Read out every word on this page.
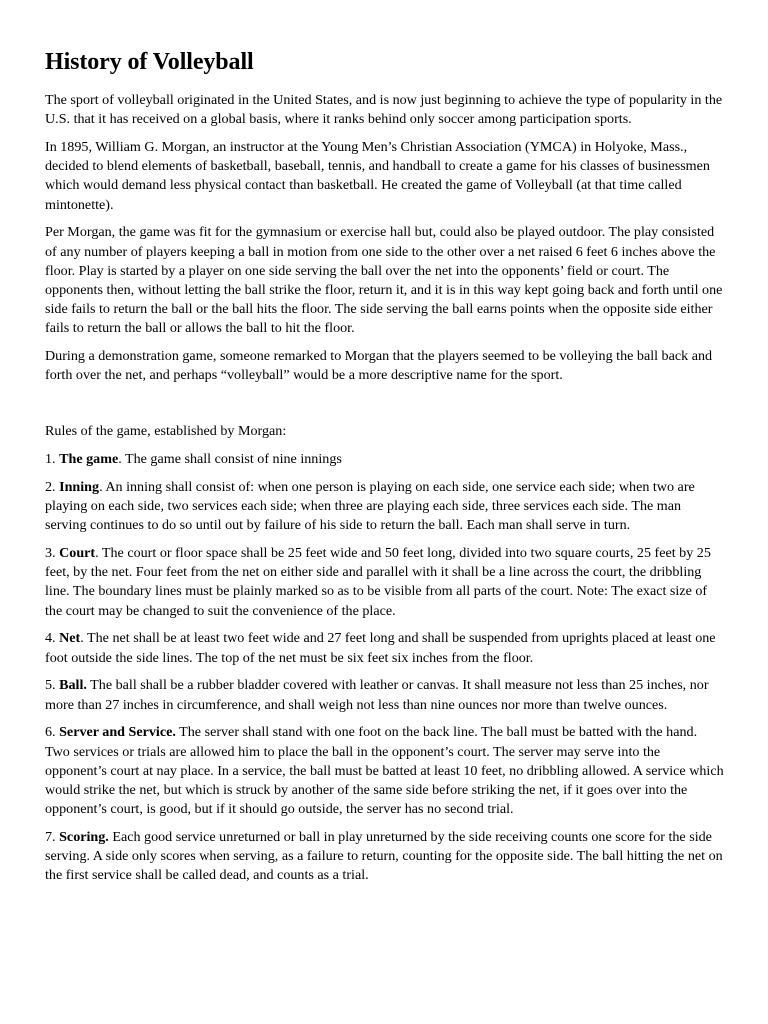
History of Volleyball

The sport of volleyball originated in the United States, and is now just beginning to achieve the type of popularity in the U.S. that it has received on a global basis, where it ranks behind only soccer among participation sports.

In 1895, William G. Morgan, an instructor at the Young Men’s Christian Association (YMCA) in Holyoke, Mass., decided to blend elements of basketball, baseball, tennis, and handball to create a game for his classes of businessmen which would demand less physical contact than basketball. He created the game of Volleyball (at that time called mintonette).

Per Morgan, the game was fit for the gymnasium or exercise hall but, could also be played outdoor. The play consisted of any number of players keeping a ball in motion from one side to the other over a net raised 6 feet 6 inches above the floor. Play is started by a player on one side serving the ball over the net into the opponents’ field or court. The opponents then, without letting the ball strike the floor, return it, and it is in this way kept going back and forth until one side fails to return the ball or the ball hits the floor. The side serving the ball earns points when the opposite side either fails to return the ball or allows the ball to hit the floor.

During a demonstration game, someone remarked to Morgan that the players seemed to be volleying the ball back and forth over the net, and perhaps “volleyball” would be a more descriptive name for the sport.

Rules of the game, established by Morgan:

1. The game. The game shall consist of nine innings

2. Inning. An inning shall consist of: when one person is playing on each side, one service each side; when two are playing on each side, two services each side; when three are playing each side, three services each side. The man serving continues to do so until out by failure of his side to return the ball. Each man shall serve in turn.

3. Court. The court or floor space shall be 25 feet wide and 50 feet long, divided into two square courts, 25 feet by 25 feet, by the net. Four feet from the net on either side and parallel with it shall be a line across the court, the dribbling line. The boundary lines must be plainly marked so as to be visible from all parts of the court. Note: The exact size of the court may be changed to suit the convenience of the place.

4. Net. The net shall be at least two feet wide and 27 feet long and shall be suspended from uprights placed at least one foot outside the side lines. The top of the net must be six feet six inches from the floor.

5. Ball. The ball shall be a rubber bladder covered with leather or canvas. It shall measure not less than 25 inches, nor more than 27 inches in circumference, and shall weigh not less than nine ounces nor more than twelve ounces.

6. Server and Service. The server shall stand with one foot on the back line. The ball must be batted with the hand. Two services or trials are allowed him to place the ball in the opponent’s court. The server may serve into the opponent’s court at nay place. In a service, the ball must be batted at least 10 feet, no dribbling allowed. A service which would strike the net, but which is struck by another of the same side before striking the net, if it goes over into the opponent’s court, is good, but if it should go outside, the server has no second trial.

7. Scoring. Each good service unreturned or ball in play unreturned by the side receiving counts one score for the side serving. A side only scores when serving, as a failure to return, counting for the opposite side. The ball hitting the net on the first service shall be called dead, and counts as a trial.
